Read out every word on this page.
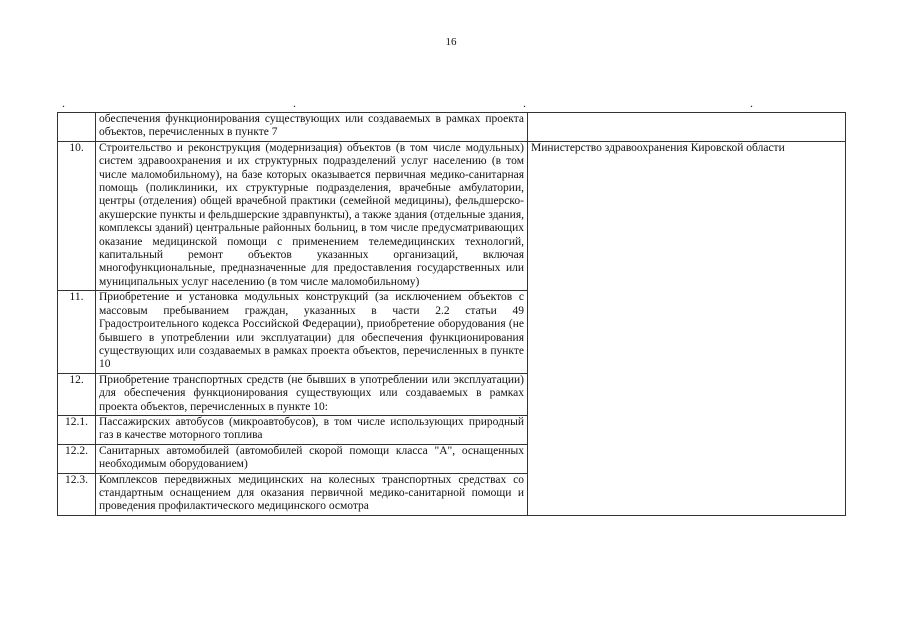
16
.	.	.	.
	обеспечения функционирования существующих или создаваемых в рамках проекта объектов, перечисленных в пункте 7	
10.	Строительство и реконструкция (модернизация) объектов (в том числе модульных) систем здравоохранения и их структурных подразделений услуг населению (в том числе маломобильному), на базе которых оказывается первичная медико-санитарная помощь (поликлиники, их структурные подразделения, врачебные амбулатории, центры (отделения) общей врачебной практики (семейной медицины), фельдшерско-акушерские пункты и фельдшерские здравпункты), а также здания (отдельные здания, комплексы зданий) центральные районных больниц, в том числе предусматривающих оказание медицинской помощи с применением телемедицинских технологий, капитальный ремонт объектов указанных организаций, включая многофункциональные, предназначенные для предоставления государственных или муниципальных услуг населению (в том числе маломобильному)	Министерство здравоохранения Кировской области
11.	Приобретение и установка модульных конструкций (за исключением объектов с массовым пребыванием граждан, указанных в части 2.2 статьи 49 Градостроительного кодекса Российской Федерации), приобретение оборудования (не бывшего в употреблении или эксплуатации) для обеспечения функционирования существующих или создаваемых в рамках проекта объектов, перечисленных в пункте 10	
12.	Приобретение транспортных средств (не бывших в употреблении или эксплуатации) для обеспечения функционирования существующих или создаваемых в рамках проекта объектов, перечисленных в пункте 10:	
12.1.	Пассажирских автобусов (микроавтобусов), в том числе использующих природный газ в качестве моторного топлива	
12.2.	Санитарных автомобилей (автомобилей скорой помощи класса "А", оснащенных необходимым оборудованием)	
12.3.	Комплексов передвижных медицинских на колесных транспортных средствах со стандартным оснащением для оказания первичной медико-санитарной помощи и проведения профилактического медицинского осмотра	
